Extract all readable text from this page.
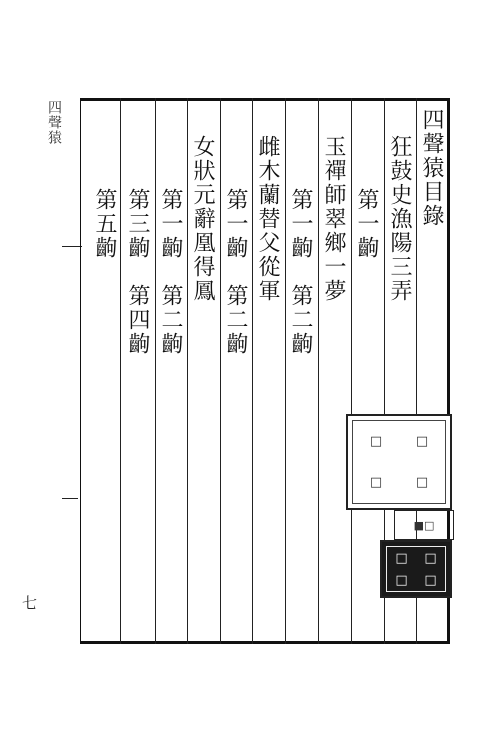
四聲猿	四聲猿目錄
狂鼓史漁陽三弄
第一齣
玉禪師翠鄉一夢
第一齣　第二齣
雌木蘭替父從軍
第一齣　第二齣
女狀元辭凰得鳳
第一齣　第二齣
第三齣　第四齣
第五齣
□	□
□	□
■□
□	□
□	□
七
